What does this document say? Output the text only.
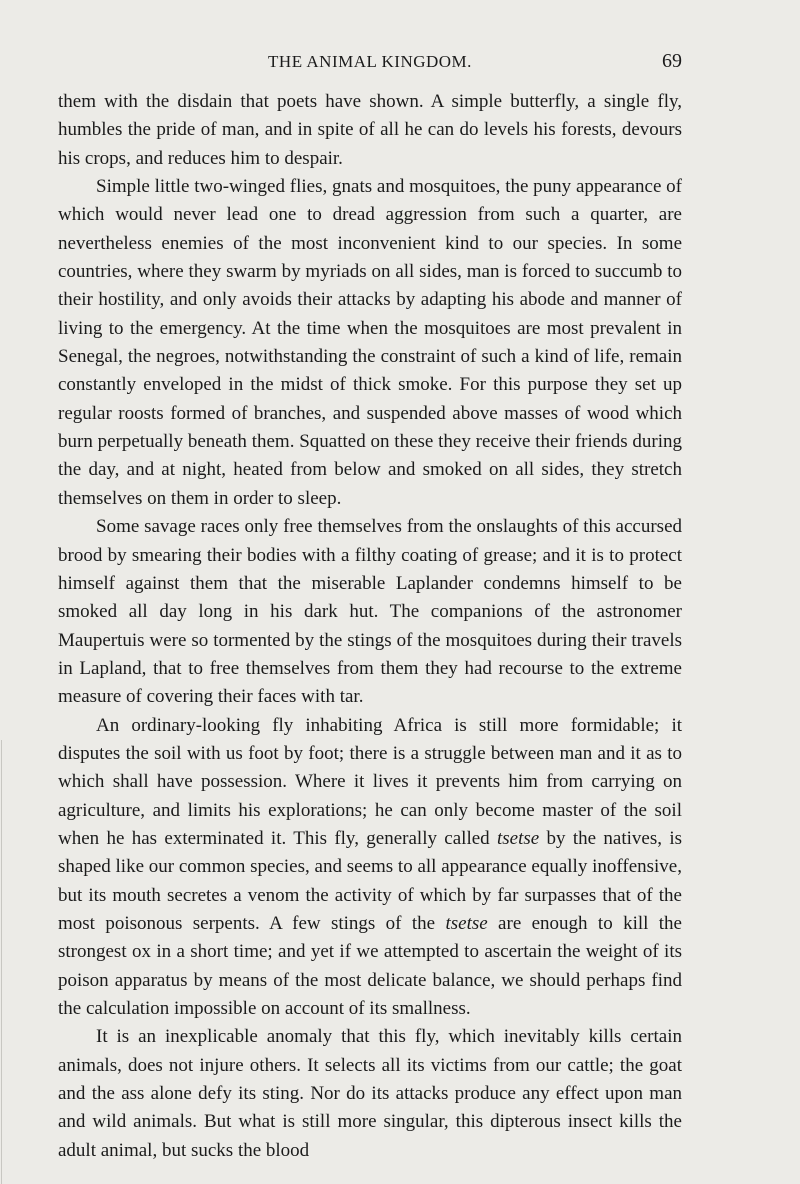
THE ANIMAL KINGDOM.	69

them with the disdain that poets have shown. A simple butterfly, a single fly, humbles the pride of man, and in spite of all he can do levels his forests, devours his crops, and reduces him to despair.

Simple little two-winged flies, gnats and mosquitoes, the puny appearance of which would never lead one to dread aggression from such a quarter, are nevertheless enemies of the most inconvenient kind to our species. In some countries, where they swarm by myriads on all sides, man is forced to succumb to their hostility, and only avoids their attacks by adapting his abode and manner of living to the emergency. At the time when the mosquitoes are most prevalent in Senegal, the negroes, notwithstanding the constraint of such a kind of life, remain constantly enveloped in the midst of thick smoke. For this purpose they set up regular roosts formed of branches, and suspended above masses of wood which burn perpetually beneath them. Squatted on these they receive their friends during the day, and at night, heated from below and smoked on all sides, they stretch themselves on them in order to sleep.

Some savage races only free themselves from the onslaughts of this accursed brood by smearing their bodies with a filthy coating of grease; and it is to protect himself against them that the miserable Laplander condemns himself to be smoked all day long in his dark hut. The companions of the astronomer Maupertuis were so tormented by the stings of the mosquitoes during their travels in Lapland, that to free themselves from them they had recourse to the extreme measure of covering their faces with tar.

An ordinary-looking fly inhabiting Africa is still more formidable; it disputes the soil with us foot by foot; there is a struggle between man and it as to which shall have possession. Where it lives it prevents him from carrying on agriculture, and limits his explorations; he can only become master of the soil when he has exterminated it. This fly, generally called tsetse by the natives, is shaped like our common species, and seems to all appearance equally inoffensive, but its mouth secretes a venom the activity of which by far surpasses that of the most poisonous serpents. A few stings of the tsetse are enough to kill the strongest ox in a short time; and yet if we attempted to ascertain the weight of its poison apparatus by means of the most delicate balance, we should perhaps find the calculation impossible on account of its smallness.

It is an inexplicable anomaly that this fly, which inevitably kills certain animals, does not injure others. It selects all its victims from our cattle; the goat and the ass alone defy its sting. Nor do its attacks produce any effect upon man and wild animals. But what is still more singular, this dipterous insect kills the adult animal, but sucks the blood
